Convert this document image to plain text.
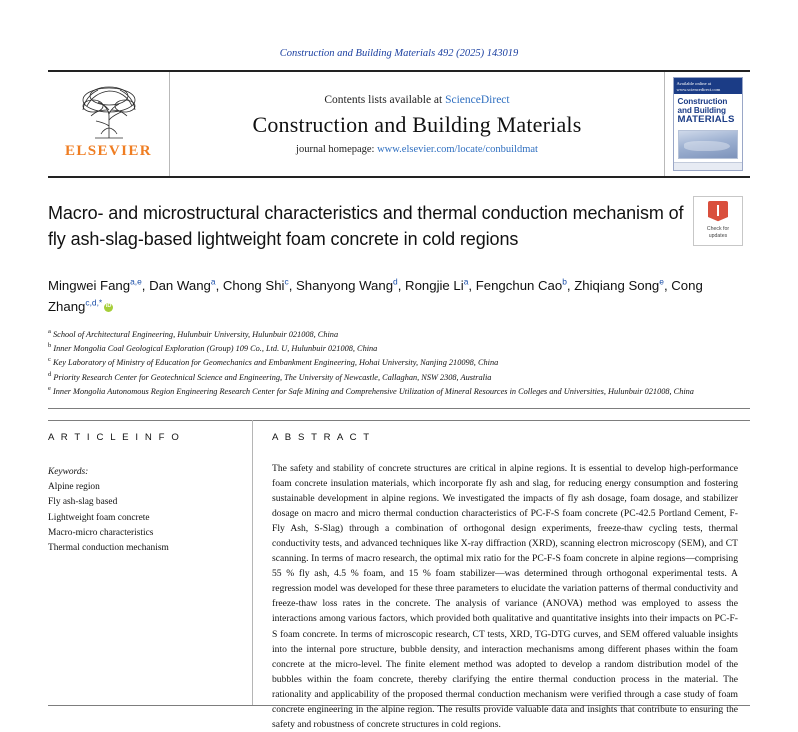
Construction and Building Materials 492 (2025) 143019
ELSEVIER
Contents lists available at ScienceDirect
Construction and Building Materials
journal homepage: www.elsevier.com/locate/conbuildmat
Available online at www.sciencedirect.com
Construction
and Building
MATERIALS
Macro- and microstructural characteristics and thermal conduction mechanism of fly ash-slag-based lightweight foam concrete in cold regions
Check for
updates
Mingwei Fang$^{a,e}$, Dan Wang$^a$, Chong Shi$^c$, Shanyong Wang$^d$, Rongjie Li$^a$, Fengchun Cao$^b$, Zhiqiang Song$^e$, Cong Zhang$^{c,d,*}$iD
$^a$ School of Architectural Engineering, Hulunbuir University, Hulunbuir 021008, China
$^b$ Inner Mongolia Coal Geological Exploration (Group) 109 Co., Ltd. U, Hulunbuir 021008, China
$^c$ Key Laboratory of Ministry of Education for Geomechanics and Embankment Engineering, Hohai University, Nanjing 210098, China
$^d$ Priority Research Center for Geotechnical Science and Engineering, The University of Newcastle, Callaghan, NSW 2308, Australia
$^e$ Inner Mongolia Autonomous Region Engineering Research Center for Safe Mining and Comprehensive Utilization of Mineral Resources in Colleges and Universities, Hulunbuir 021008, China
A R T I C L E I N F O
Keywords:
Alpine region
Fly ash-slag based
Lightweight foam concrete
Macro-micro characteristics
Thermal conduction mechanism
A B S T R A C T
The safety and stability of concrete structures are critical in alpine regions. It is essential to develop high-performance foam concrete insulation materials, which incorporate fly ash and slag, for reducing energy consumption and fostering sustainable development in alpine regions. We investigated the impacts of fly ash dosage, foam dosage, and stabilizer dosage on macro and micro thermal conduction characteristics of PC-F-S foam concrete (PC-42.5 Portland Cement, F-Fly Ash, S-Slag) through a combination of orthogonal design experiments, freeze-thaw cycling tests, thermal conductivity tests, and advanced techniques like X-ray diffraction (XRD), scanning electron microscopy (SEM), and CT scanning. In terms of macro research, the optimal mix ratio for the PC-F-S foam concrete in alpine regions—comprising 55 % fly ash, 4.5 % foam, and 15 % foam stabilizer—was determined through orthogonal experimental tests. A regression model was developed for these three parameters to elucidate the variation patterns of thermal conductivity and freeze-thaw loss rates in the concrete. The analysis of variance (ANOVA) method was employed to assess the interactions among various factors, which provided both qualitative and quantitative insights into their impacts on PC-F-S foam concrete. In terms of microscopic research, CT tests, XRD, TG-DTG curves, and SEM offered valuable insights into the internal pore structure, bubble density, and interaction mechanisms among different phases within the foam concrete at the micro-level. The finite element method was adopted to develop a random distribution model of the bubbles within the foam concrete, thereby clarifying the entire thermal conduction process in the material. The rationality and applicability of the proposed thermal conduction mechanism were verified through a case study of foam concrete engineering in the alpine region. The results provide valuable data and insights that contribute to ensuring the safety and robustness of concrete structures in cold regions.
